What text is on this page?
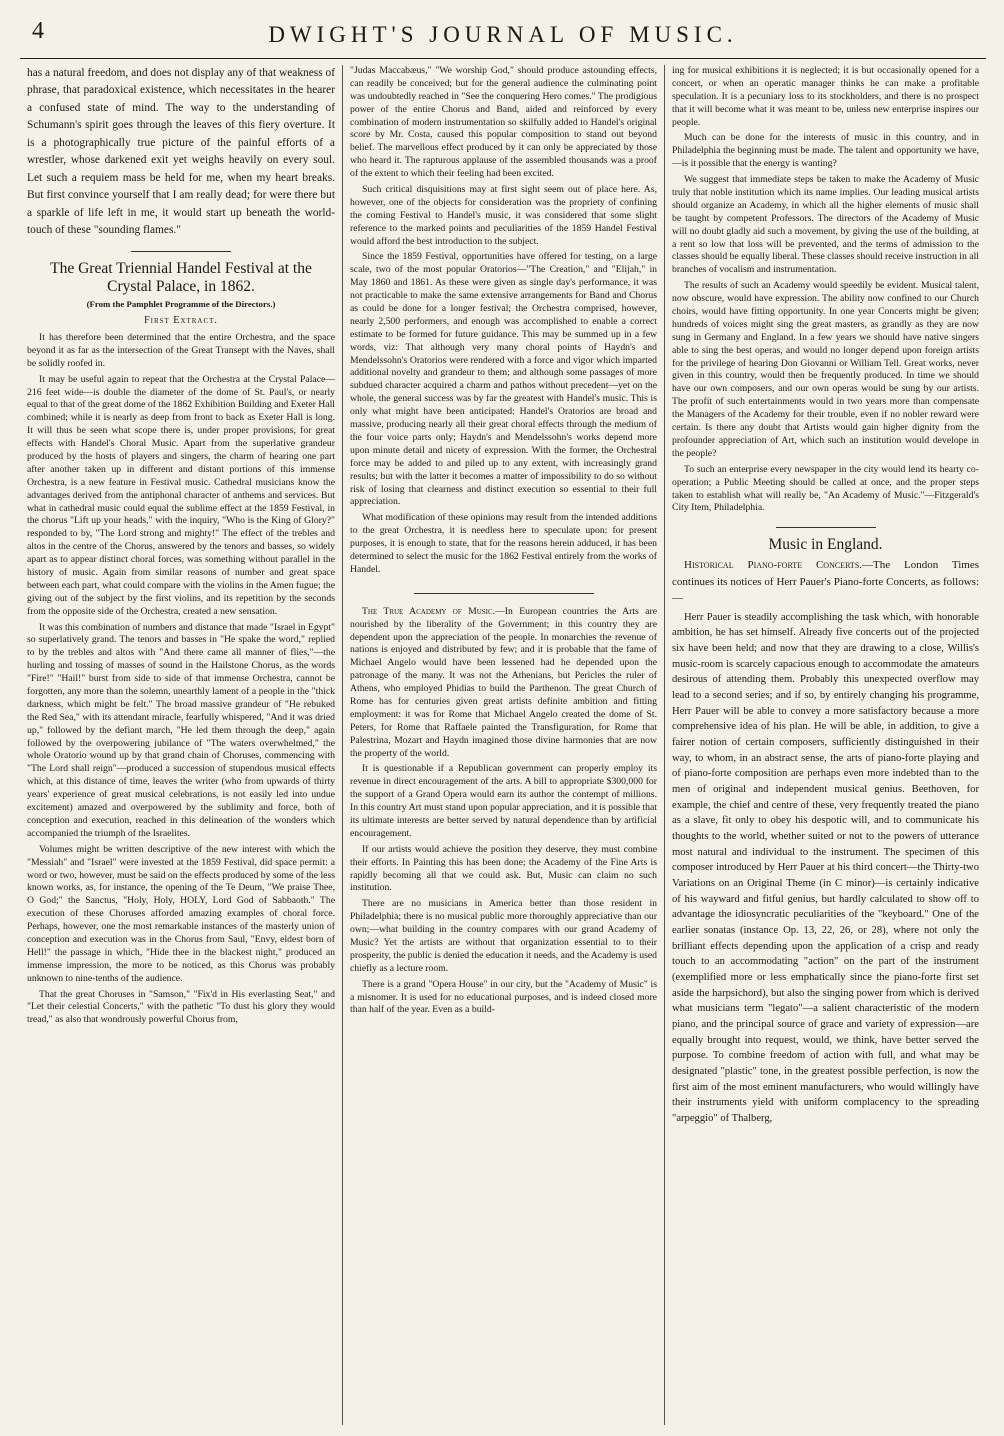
4	DWIGHT'S JOURNAL OF MUSIC.

has a natural freedom, and does not display any of that weakness of phrase, that paradoxical existence, which necessitates in the hearer a confused state of mind. The way to the understanding of Schumann's spirit goes through the leaves of this fiery overture. It is a photographically true picture of the painful efforts of a wrestler, whose darkened exit yet weighs heavily on every soul. Let such a requiem mass be held for me, when my heart breaks. But first convince yourself that I am really dead; for were there but a sparkle of life left in me, it would start up beneath the world-touch of these "sounding flames."

The Great Triennial Handel Festival at the Crystal Palace, in 1862.
(From the Pamphlet Programme of the Directors.)
First Extract.

It has therefore been determined that the entire Orchestra, and the space beyond it as far as the intersection of the Great Transept with the Naves, shall be solidly roofed in.

It may be useful again to repeat that the Orchestra at the Crystal Palace—216 feet wide—is double the diameter of the dome of St. Paul's, or nearly equal to that of the great dome of the 1862 Exhibition Building and Exeter Hall combined; while it is nearly as deep from front to back as Exeter Hall is long. It will thus be seen what scope there is, under proper provisions, for great effects with Handel's Choral Music. Apart from the superlative grandeur produced by the hosts of players and singers, the charm of hearing one part after another taken up in different and distant portions of this immense Orchestra, is a new feature in Festival music. Cathedral musicians know the advantages derived from the antiphonal character of anthems and services. But what in cathedral music could equal the sublime effect at the 1859 Festival, in the chorus "Lift up your heads," with the inquiry, "Who is the King of Glory?" responded to by, "The Lord strong and mighty!" The effect of the trebles and altos in the centre of the Chorus, answered by the tenors and basses, so widely apart as to appear distinct choral forces, was something without parallel in the history of music. Again from similar reasons of number and great space between each part, what could compare with the violins in the Amen fugue; the giving out of the subject by the first violins, and its repetition by the seconds from the opposite side of the Orchestra, created a new sensation.

It was this combination of numbers and distance that made "Israel in Egypt" so superlatively grand. The tenors and basses in "He spake the word," replied to by the trebles and altos with "And there came all manner of flies,"—the hurling and tossing of masses of sound in the Hailstone Chorus, as the words "Fire!" "Hail!" burst from side to side of that immense Orchestra, cannot be forgotten, any more than the solemn, unearthly lament of a people in the "thick darkness, which might be felt." The broad massive grandeur of "He rebuked the Red Sea," with its attendant miracle, fearfully whispered, "And it was dried up," followed by the defiant march, "He led them through the deep," again followed by the overpowering jubilance of "The waters overwhelmed," the whole Oratorio wound up by that grand chain of Choruses, commencing with "The Lord shall reign"—produced a succession of stupendous musical effects which, at this distance of time, leaves the writer (who from upwards of thirty years' experience of great musical celebrations, is not easily led into undue excitement) amazed and overpowered by the sublimity and force, both of conception and execution, reached in this delineation of the wonders which accompanied the triumph of the Israelites.

Volumes might be written descriptive of the new interest with which the "Messiah" and "Israel" were invested at the 1859 Festival, did space permit: a word or two, however, must be said on the effects produced by some of the less known works, as, for instance, the opening of the Te Deum, "We praise Thee, O God;" the Sanctus, "Holy, Holy, HOLY, Lord God of Sabbaoth." The execution of these Choruses afforded amazing examples of choral force. Perhaps, however, one the most remarkable instances of the masterly union of conception and execution was in the Chorus from Saul, "Envy, eldest born of Hell!" the passage in which, "Hide thee in the blackest night," produced an immense impression, the more to be noticed, as this Chorus was probably unknown to nine-tenths of the audience.

That the great Choruses in "Samson," "Fix'd in His everlasting Seat," and "Let their celestial Concerts," with the pathetic "To dust his glory they would tread," as also that wondrously powerful Chorus from,

"Judas Maccabæus," "We worship God," should produce astounding effects, can readily be conceived; but for the general audience the culminating point was undoubtedly reached in "See the conquering Hero comes." The prodigious power of the entire Chorus and Band, aided and reinforced by every combination of modern instrumentation so skilfully added to Handel's original score by Mr. Costa, caused this popular composition to stand out beyond belief. The marvellous effect produced by it can only be appreciated by those who heard it. The rapturous applause of the assembled thousands was a proof of the extent to which their feeling had been excited.

Such critical disquisitions may at first sight seem out of place here. As, however, one of the objects for consideration was the propriety of confining the coming Festival to Handel's music, it was considered that some slight reference to the marked points and peculiarities of the 1859 Handel Festival would afford the best introduction to the subject.

Since the 1859 Festival, opportunities have offered for testing, on a large scale, two of the most popular Oratorios—"The Creation," and "Elijah," in May 1860 and 1861. As these were given as single day's performance, it was not practicable to make the same extensive arrangements for Band and Chorus as could be done for a longer festival; the Orchestra comprised, however, nearly 2,500 performers, and enough was accomplished to enable a correct estimate to be formed for future guidance. This may be summed up in a few words, viz: That although very many choral points of Haydn's and Mendelssohn's Oratorios were rendered with a force and vigor which imparted additional novelty and grandeur to them; and although some passages of more subdued character acquired a charm and pathos without precedent—yet on the whole, the general success was by far the greatest with Handel's music. This is only what might have been anticipated: Handel's Oratorios are broad and massive, producing nearly all their great choral effects through the medium of the four voice parts only; Haydn's and Mendelssohn's works depend more upon minute detail and nicety of expression. With the former, the Orchestral force may be added to and piled up to any extent, with increasingly grand results; but with the latter it becomes a matter of impossibility to do so without risk of losing that clearness and distinct execution so essential to their full appreciation.

What modification of these opinions may result from the intended additions to the great Orchestra, it is needless here to speculate upon: for present purposes, it is enough to state, that for the reasons herein adduced, it has been determined to select the music for the 1862 Festival entirely from the works of Handel.

The True Academy of Music.—In European countries the Arts are nourished by the liberality of the Government; in this country they are dependent upon the appreciation of the people. In monarchies the revenue of nations is enjoyed and distributed by few; and it is probable that the fame of Michael Angelo would have been lessened had he depended upon the patronage of the many. It was not the Athenians, but Pericles the ruler of Athens, who employed Phidias to build the Parthenon. The great Church of Rome has for centuries given great artists definite ambition and fitting employment: it was for Rome that Michael Angelo created the dome of St. Peters, for Rome that Raffaele painted the Transfiguration, for Rome that Palestrina, Mozart and Haydn imagined those divine harmonies that are now the property of the world.

It is questionable if a Republican government can properly employ its revenue in direct encouragement of the arts. A bill to appropriate $300,000 for the support of a Grand Opera would earn its author the contempt of millions. In this country Art must stand upon popular appreciation, and it is possible that its ultimate interests are better served by natural dependence than by artificial encouragement.

If our artists would achieve the position they deserve, they must combine their efforts. In Painting this has been done; the Academy of the Fine Arts is rapidly becoming all that we could ask. But, Music can claim no such institution.

There are no musicians in America better than those resident in Philadelphia; there is no musical public more thoroughly appreciative than our own;—what building in the country compares with our grand Academy of Music? Yet the artists are without that organization essential to to their prosperity, the public is denied the education it needs, and the Academy is used chiefly as a lecture room.

There is a grand "Opera House" in our city, but the "Academy of Music" is a misnomer. It is used for no educational purposes, and is indeed closed more than half of the year. Even as a build-

ing for musical exhibitions it is neglected; it is but occasionally opened for a concert, or when an operatic manager thinks he can make a profitable speculation. It is a pecuniary loss to its stockholders, and there is no prospect that it will become what it was meant to be, unless new enterprise inspires our people.

Much can be done for the interests of music in this country, and in Philadelphia the beginning must be made. The talent and opportunity we have,—is it possible that the energy is wanting?

We suggest that immediate steps be taken to make the Academy of Music truly that noble institution which its name implies. Our leading musical artists should organize an Academy, in which all the higher elements of music shall be taught by competent Professors. The directors of the Academy of Music will no doubt gladly aid such a movement, by giving the use of the building, at a rent so low that loss will be prevented, and the terms of admission to the classes should be equally liberal. These classes should receive instruction in all branches of vocalism and instrumentation.

The results of such an Academy would speedily be evident. Musical talent, now obscure, would have expression. The ability now confined to our Church choirs, would have fitting opportunity. In one year Concerts might be given; hundreds of voices might sing the great masters, as grandly as they are now sung in Germany and England. In a few years we should have native singers able to sing the best operas, and would no longer depend upon foreign artists for the privilege of hearing Don Giovanni or William Tell. Great works, never given in this country, would then be frequently produced. In time we should have our own composers, and our own operas would be sung by our artists. The profit of such entertainments would in two years more than compensate the Managers of the Academy for their trouble, even if no nobler reward were certain. Is there any doubt that Artists would gain higher dignity from the profounder appreciation of Art, which such an institution would develope in the people?

To such an enterprise every newspaper in the city would lend its hearty co-operation; a Public Meeting should be called at once, and the proper steps taken to establish what will really be, "An Academy of Music."—Fitzgerald's City Item, Philadelphia.

Music in England.

Historical Piano-forte Concerts.—The London Times continues its notices of Herr Pauer's Piano-forte Concerts, as follows:—

Herr Pauer is steadily accomplishing the task which, with honorable ambition, he has set himself. Already five concerts out of the projected six have been held; and now that they are drawing to a close, Willis's music-room is scarcely capacious enough to accommodate the amateurs desirous of attending them. Probably this unexpected overflow may lead to a second series; and if so, by entirely changing his programme, Herr Pauer will be able to convey a more satisfactory because a more comprehensive idea of his plan. He will be able, in addition, to give a fairer notion of certain composers, sufficiently distinguished in their way, to whom, in an abstract sense, the arts of piano-forte playing and of piano-forte composition are perhaps even more indebted than to the men of original and independent musical genius. Beethoven, for example, the chief and centre of these, very frequently treated the piano as a slave, fit only to obey his despotic will, and to communicate his thoughts to the world, whether suited or not to the powers of utterance most natural and individual to the instrument. The specimen of this composer introduced by Herr Pauer at his third concert—the Thirty-two Variations on an Original Theme (in C minor)—is certainly indicative of his wayward and fitful genius, but hardly calculated to show off to advantage the idiosyncratic peculiarities of the "keyboard." One of the earlier sonatas (instance Op. 13, 22, 26, or 28), where not only the brilliant effects depending upon the application of a crisp and ready touch to an accommodating "action" on the part of the instrument (exemplified more or less emphatically since the piano-forte first set aside the harpsichord), but also the singing power from which is derived what musicians term "legato"—a salient characteristic of the modern piano, and the principal source of grace and variety of expression—are equally brought into request, would, we think, have better served the purpose. To combine freedom of action with full, and what may be designated "plastic" tone, in the greatest possible perfection, is now the first aim of the most eminent manufacturers, who would willingly have their instruments yield with uniform complacency to the spreading "arpeggio" of Thalberg,
